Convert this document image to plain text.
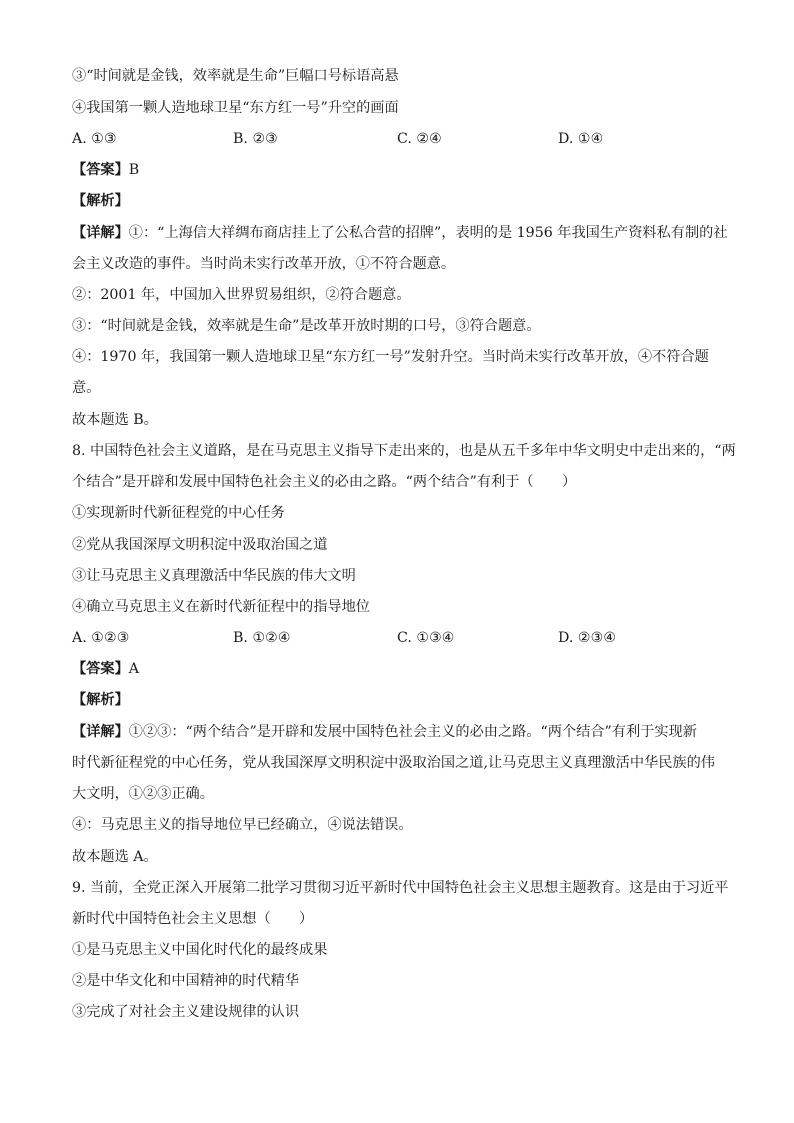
③“时间就是金钱，效率就是生命”巨幅口号标语高悬
④我国第一颗人造地球卫星“东方红一号”升空的画面
A. ①③	B. ②③	C. ②④	D. ①④
【答案】B
【解析】
【详解】①：“上海信大祥绸布商店挂上了公私合营的招牌”，表明的是 1956 年我国生产资料私有制的社
会主义改造的事件。当时尚未实行改革开放，①不符合题意。
②：2001 年，中国加入世界贸易组织，②符合题意。
③：“时间就是金钱，效率就是生命”是改革开放时期的口号，③符合题意。
④：1970 年，我国第一颗人造地球卫星“东方红一号”发射升空。当时尚未实行改革开放，④不符合题
意。
故本题选 B。
8. 中国特色社会主义道路，是在马克思主义指导下走出来的，也是从五千多年中华文明史中走出来的，“两
个结合”是开辟和发展中国特色社会主义的必由之路。“两个结合”有利于（　　）
①实现新时代新征程党的中心任务
②党从我国深厚文明积淀中汲取治国之道
③让马克思主义真理激活中华民族的伟大文明
④确立马克思主义在新时代新征程中的指导地位
A. ①②③	B. ①②④	C. ①③④	D. ②③④
【答案】A
【解析】
【详解】①②③：“两个结合”是开辟和发展中国特色社会主义的必由之路。“两个结合”有利于实现新
时代新征程党的中心任务，党从我国深厚文明积淀中汲取治国之道,让马克思主义真理激活中华民族的伟
大文明，①②③正确。
④：马克思主义的指导地位早已经确立，④说法错误。
故本题选 A。
9. 当前，全党正深入开展第二批学习贯彻习近平新时代中国特色社会主义思想主题教育。这是由于习近平
新时代中国特色社会主义思想（　　）
①是马克思主义中国化时代化的最终成果
②是中华文化和中国精神的时代精华
③完成了对社会主义建设规律的认识
